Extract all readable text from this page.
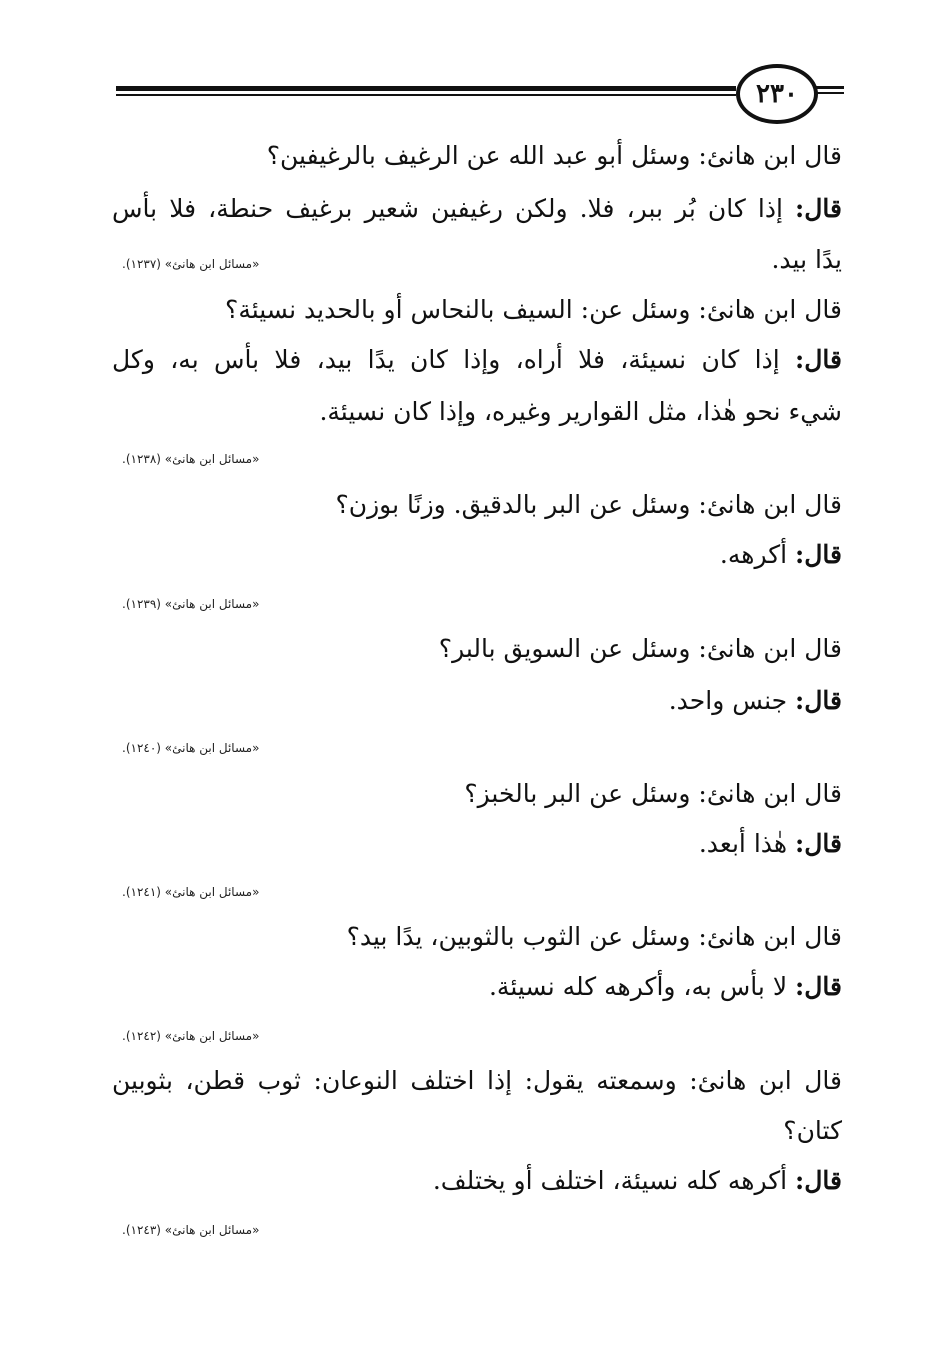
٢٣٠
قال ابن هانئ: وسئل أبو عبد الله عن الرغيف بالرغيفين؟
قال: إذا كان بُر ببر، فلا. ولكن رغيفين شعير برغيف حنطة، فلا بأس
يدًا بيد.
«مسائل ابن هانئ» (١٢٣٧).
قال ابن هانئ: وسئل عن: السيف بالنحاس أو بالحديد نسيئة؟
قال: إذا كان نسيئة، فلا أراه، وإذا كان يدًا بيد، فلا بأس به، وكل
شيء نحو هٰذا، مثل القوارير وغيره، وإذا كان نسيئة.
«مسائل ابن هانئ» (١٢٣٨).
قال ابن هانئ: وسئل عن البر بالدقيق. وزنًا بوزن؟
قال: أكرهه.
«مسائل ابن هانئ» (١٢٣٩).
قال ابن هانئ: وسئل عن السويق بالبر؟
قال: جنس واحد.
«مسائل ابن هانئ» (١٢٤٠).
قال ابن هانئ: وسئل عن البر بالخبز؟
قال: هٰذا أبعد.
«مسائل ابن هانئ» (١٢٤١).
قال ابن هانئ: وسئل عن الثوب بالثوبين، يدًا بيد؟
قال: لا بأس به، وأكرهه كله نسيئة.
«مسائل ابن هانئ» (١٢٤٢).
قال ابن هانئ: وسمعته يقول: إذا اختلف النوعان: ثوب قطن، بثوبين
كتان؟
قال: أكرهه كله نسيئة، اختلف أو يختلف.
«مسائل ابن هانئ» (١٢٤٣).
